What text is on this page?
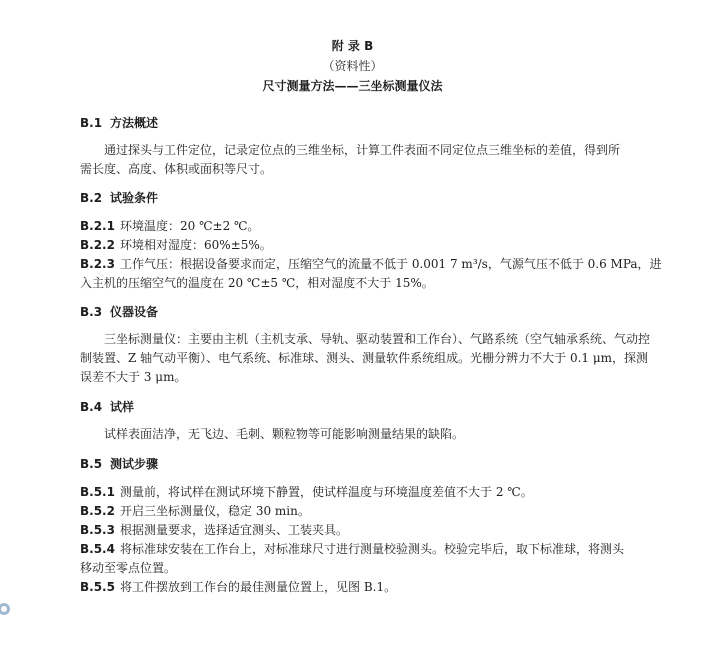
附 录 B
（资料性）
尺寸测量方法——三坐标测量仪法
B.1 方法概述
通过探头与工件定位，记录定位点的三维坐标，计算工件表面不同定位点三维坐标的差值，得到所
需长度、高度、体积或面积等尺寸。
B.2 试验条件
B.2.1 环境温度：20 ℃±2 ℃。
B.2.2 环境相对湿度：60%±5%。
B.2.3 工作气压：根据设备要求而定，压缩空气的流量不低于 0.001 7 m³/s，气源气压不低于 0.6 MPa，进
入主机的压缩空气的温度在 20 ℃±5 ℃，相对湿度不大于 15%。
B.3 仪器设备
三坐标测量仪：主要由主机（主机支承、导轨、驱动装置和工作台）、气路系统（空气轴承系统、气动控
制装置、Z 轴气动平衡）、电气系统、标准球、测头、测量软件系统组成。光栅分辨力不大于 0.1 μm，探测
误差不大于 3 μm。
B.4 试样
试样表面洁净，无飞边、毛刺、颗粒物等可能影响测量结果的缺陷。
B.5 测试步骤
B.5.1 测量前，将试样在测试环境下静置，使试样温度与环境温度差值不大于 2 ℃。
B.5.2 开启三坐标测量仪，稳定 30 min。
B.5.3 根据测量要求，选择适宜测头、工装夹具。
B.5.4 将标准球安装在工作台上，对标准球尺寸进行测量校验测头。校验完毕后，取下标准球，将测头
移动至零点位置。
B.5.5 将工件摆放到工作台的最佳测量位置上，见图 B.1。
